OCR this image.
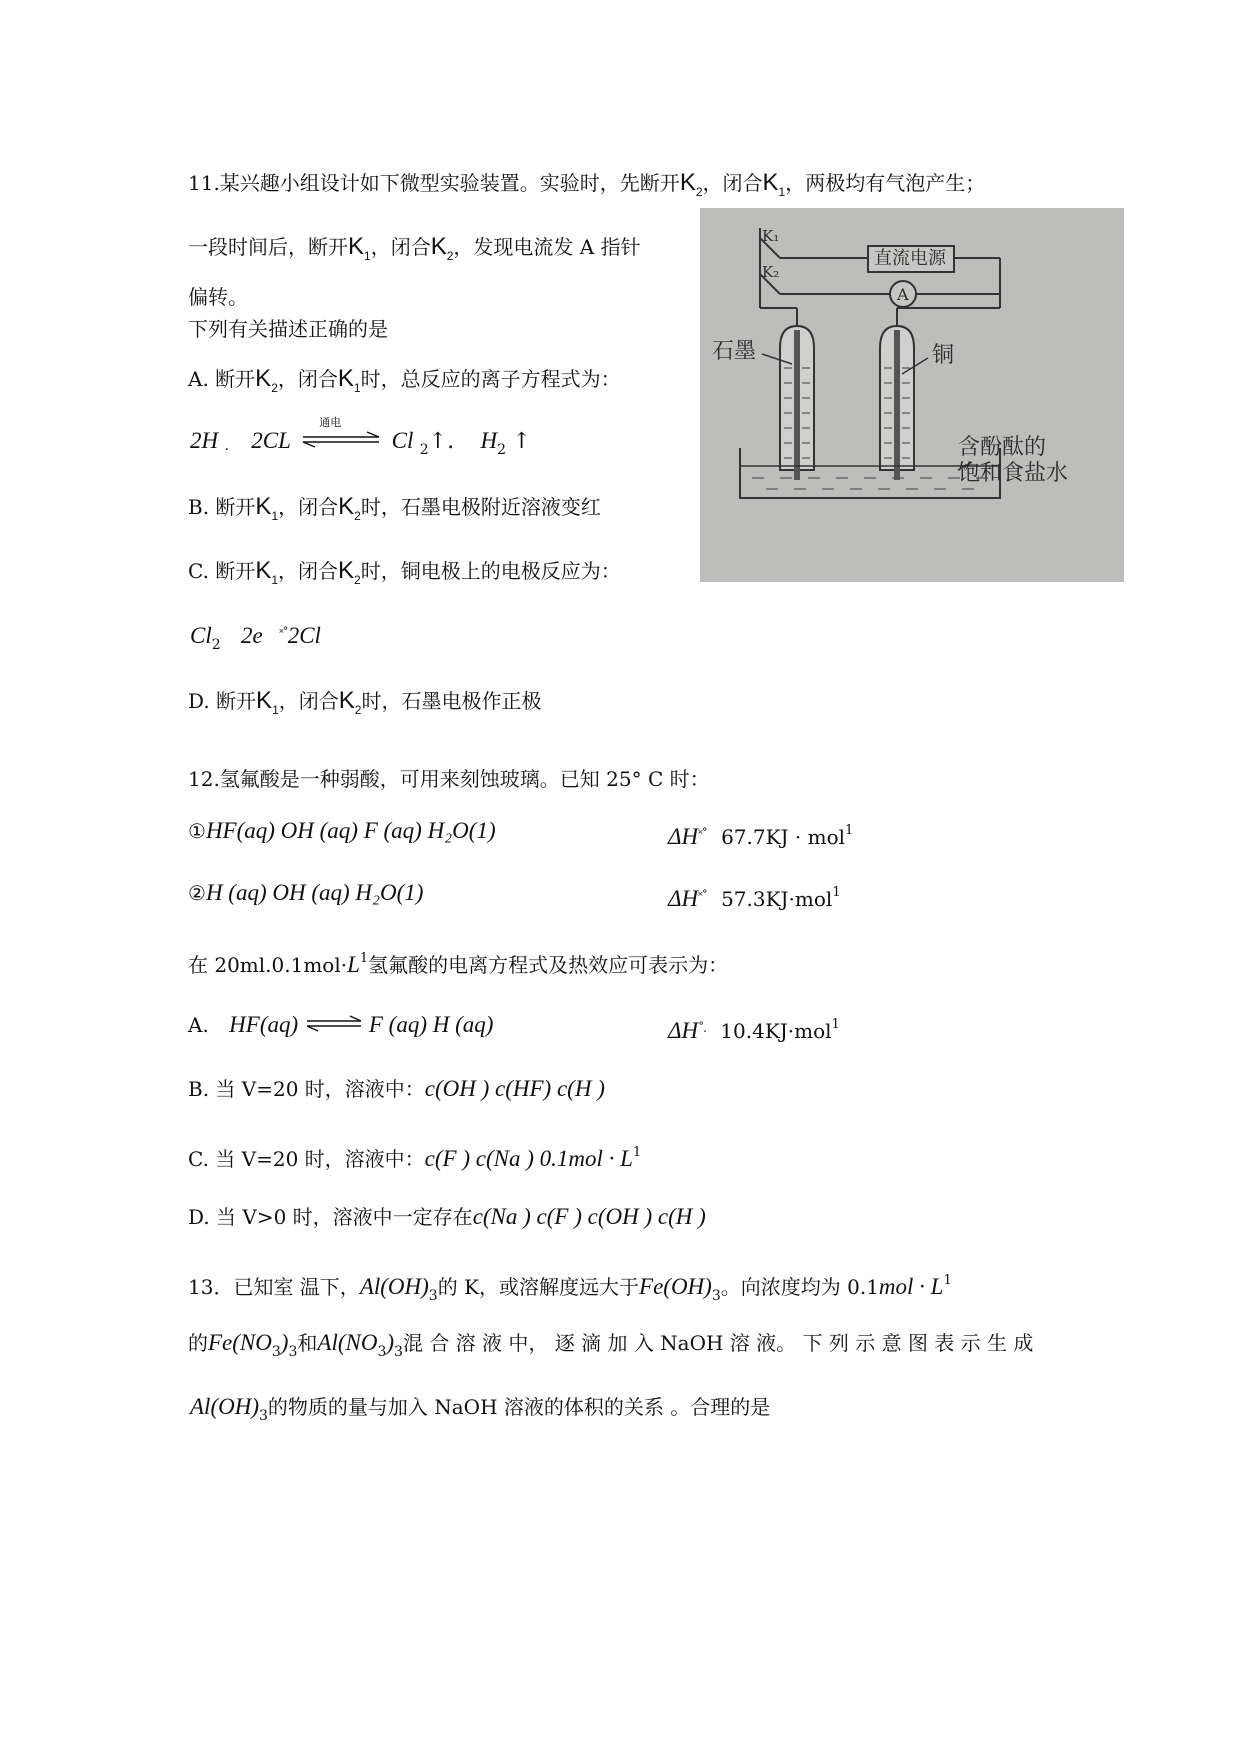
11.某兴趣小组设计如下微型实验装置。实验时，先断开$K_2$，闭合$K_1$，两极均有气泡产生；
一段时间后，断开$K_1$，闭合$K_2$，发现电流发 A 指针
偏转。
下列有关描述正确的是
A. 断开$K_2$，闭合$K_1$时，总反应的离子方程式为：
2H $_\cdot$ 2CL
通电
Cl $_2$↑. $H_2$ ↑
B. 断开$K_1$，闭合$K_2$时，石墨电极附近溶液变红
C. 断开$K_1$，闭合$K_2$时，铜电极上的电极反应为：
$Cl_2$ 2e ˟˚2Cl
D. 断开$K_1$，闭合$K_2$时，石墨电极作正极
K₁
K₂
直流电源
A
石墨	铜
含酚酞的
饱和食盐水
12.氢氟酸是一种弱酸，可用来刻蚀玻璃。已知 25° C 时：
①HF(aq) OH (aq) F (aq) H₂O(1)	ΔH˟˚ 67.7KJ · mol$^1$
②H (aq) OH (aq) H₂O(1)	ΔH˟˚ 57.3KJ·mol$^1$
在 $20ml.0.1mol\cdot L^1$氢氟酸的电离方程式及热效应可表示为：
A. HF(aq) ⇌ F (aq) H (aq)	ΔH˚. 10.4KJ·mol$^1$
B. 当 V=20 时，溶液中：c(OH ) c(HF) c(H )
C. 当 V=20 时，溶液中：c(F ) c(Na ) $0.1mol \cdot L^1$
D. 当 V>0 时，溶液中一定存在c(Na ) c(F ) c(OH ) c(H )
13．已知室 温下，$Al(OH)_3$的 K，或溶解度远大于$Fe(OH)_3$。向浓度均为 $0.1mol \cdot L^1$
的$Fe(NO_3)_3$和$Al(NO_3)_3$混 合 溶 液 中， 逐 滴 加 入 NaOH 溶 液。 下 列 示 意 图 表 示 生 成
$Al(OH)_3$的物质的量与加入 NaOH 溶液的体积的关系 。合理的是
